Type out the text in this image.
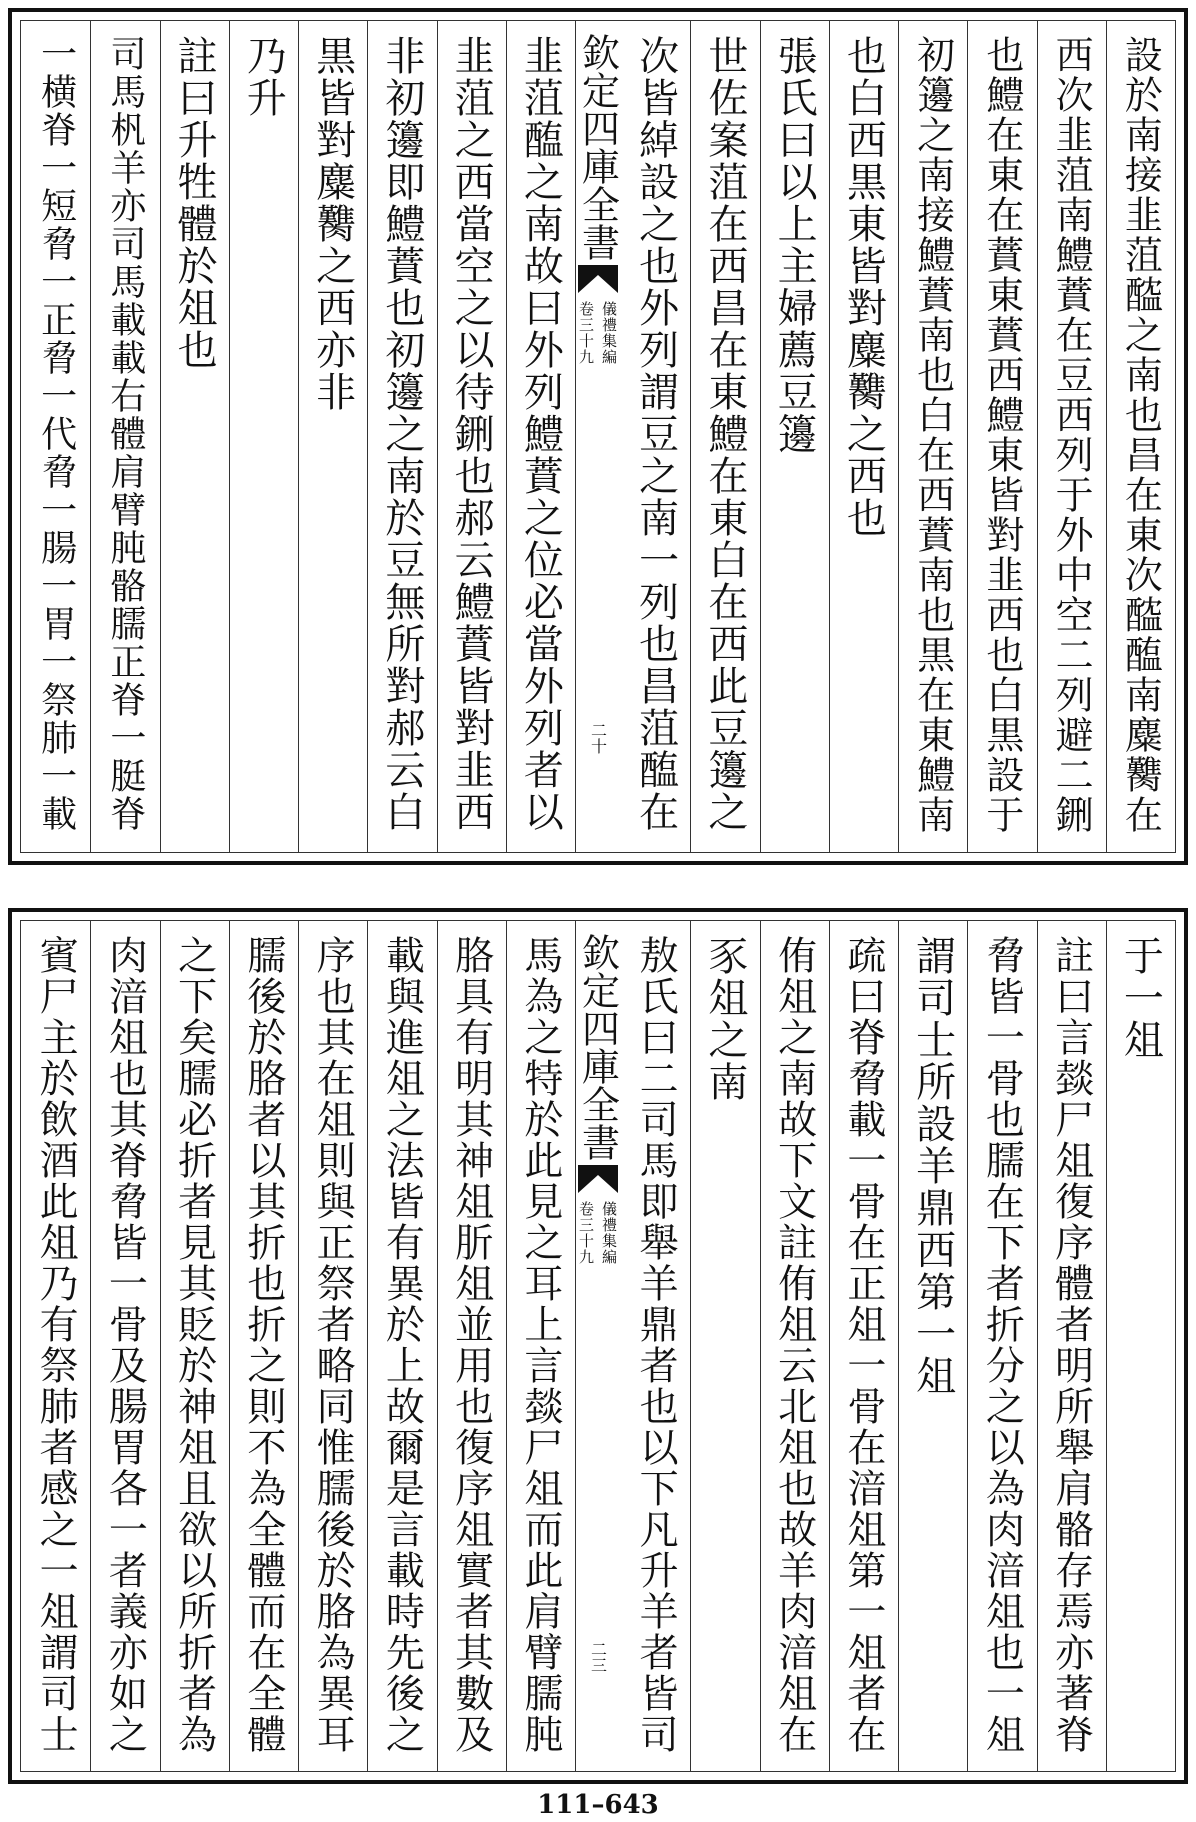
設於南接韭菹醓之南也昌在東次醓醢南麋臡在
西次韭菹南鱧蕡在豆西列于外中空二列避二鉶
也鱧在東在蕡東蕡西鱧東皆對韭西也白黒設于
初籩之南接鱧蕡南也白在西蕡南也黒在東鱧南
也白西黒東皆對麋臡之西也
張氏曰以上主婦薦豆籩
世佐案菹在西昌在東鱧在東白在西此豆籩之
次皆綽設之也外列謂豆之南一列也昌菹醢在
欽定四庫全書
儀禮集編
卷三十九
二十
韭菹醢之南故曰外列鱧蕡之位必當外列者以
韭菹之西當空之以待鉶也郝云鱧蕡皆對韭西
非初籩即鱧蕡也初籩之南於豆無所對郝云白
黒皆對麋臡之西亦非
乃升
註曰升牲體於俎也
司馬杋羊亦司馬載載右體肩臂肫骼臑正脊一脡脊
一横脊一短脅一正脅一代脅一腸一胃一祭肺一載
于一俎
註曰言燅尸俎復序體者明所舉肩骼存焉亦著脊
脅皆一骨也臑在下者折分之以為肉湆俎也一俎
謂司士所設羊鼎西第一俎
疏曰脊脅載一骨在正俎一骨在湆俎第一俎者在
侑俎之南故下文註侑俎云北俎也故羊肉湆俎在
豕俎之南
敖氏曰二司馬即舉羊鼎者也以下凡升羊者皆司
欽定四庫全書
儀禮集編
卷三十九
二三
馬為之特於此見之耳上言燅尸俎而此肩臂臑肫
胳具有明其神俎肵俎並用也復序俎實者其數及
載與進俎之法皆有異於上故爾是言載時先後之
序也其在俎則與正祭者略同惟臑後於胳為異耳
臑後於胳者以其折也折之則不為全體而在全體
之下矣臑必折者見其貶於神俎且欲以所折者為
肉湆俎也其脊脅皆一骨及腸胃各一者義亦如之
賓尸主於飲酒此俎乃有祭肺者感之一俎謂司士
111–643
